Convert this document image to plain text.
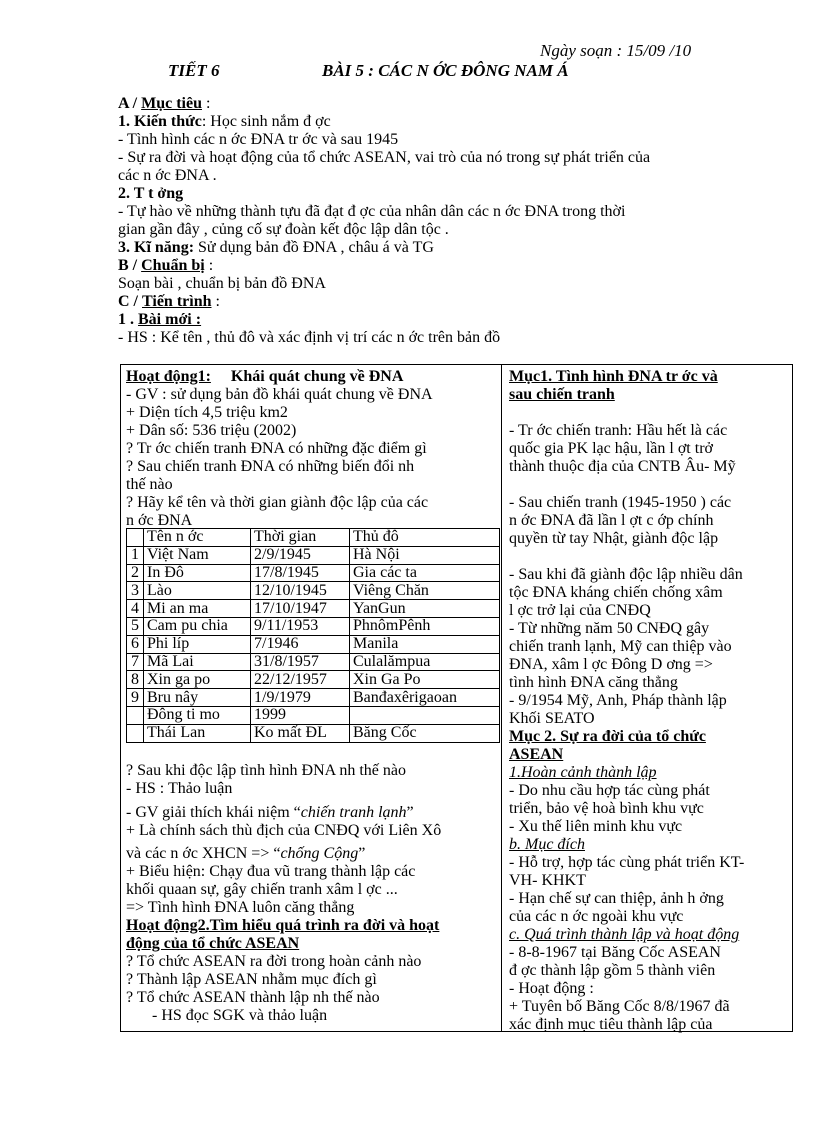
Ngày soạn : 15/09 /10
TIẾT 6	BÀI 5 : CÁC N ỚC ĐÔNG NAM Á
A / Mục tiêu :
1. Kiến thức: Học sinh nắm đ ợc
- Tình hình các n ớc ĐNA tr ớc và sau 1945
- Sự ra đời và hoạt động của tổ chức ASEAN, vai trò của nó trong sự phát triển của
các n ớc ĐNA .
2. T t ởng
- Tự hào về những thành tựu đã đạt đ ợc của nhân dân các n ớc ĐNA trong thời
gian gần đây , củng cố sự đoàn kết độc lập dân tộc .
3. Kĩ năng: Sử dụng bản đồ ĐNA , châu á và TG
B / Chuẩn bị :
Soạn bài , chuẩn bị bản đồ ĐNA
C / Tiến trình :
1 . Bài mới :
- HS : Kể tên , thủ đô và xác định vị trí các n ớc trên bản đồ
Hoạt động1: Khái quát chung về ĐNA
- GV : sử dụng bản đồ khái quát chung về ĐNA
+ Diện tích 4,5 triệu km2
+ Dân số: 536 triệu (2002)
? Tr ớc chiến tranh ĐNA có những đặc điểm gì
? Sau chiến tranh ĐNA có những biến đổi nh
thế nào
? Hãy kể tên và thời gian giành độc lập của các
n ớc ĐNA
	Tên n ớc	Thời gian	Thủ đô
1	Việt Nam	2/9/1945	Hà Nội
2	In Đô	17/8/1945	Gia các ta
3	Lào	12/10/1945	Viêng Chăn
4	Mi an ma	17/10/1947	YanGun
5	Cam pu chia	9/11/1953	PhnômPênh
6	Phi líp	7/1946	Manila
7	Mã Lai	31/8/1957	Culalămpua
8	Xin ga po	22/12/1957	Xin Ga Po
9	Bru nây	1/9/1979	Banđaxêrigaoan
	Đông ti mo	1999	
	Thái Lan	Ko mất ĐL	Băng Cốc
? Sau khi độc lập tình hình ĐNA nh thế nào
- HS : Thảo luận
- GV giải thích khái niệm “chiến tranh lạnh”
+ Là chính sách thù địch của CNĐQ với Liên Xô
và các n ớc XHCN => “chống Cộng”
+ Biểu hiện: Chạy đua vũ trang thành lập các
khối quaan sự, gây chiến tranh xâm l ợc ...
=> Tình hình ĐNA luôn căng thẳng
Hoạt động2.Tìm hiểu quá trình ra đời và hoạt
động của tổ chức ASEAN
? Tổ chức ASEAN ra đời trong hoàn cảnh nào
? Thành lập ASEAN nhằm mục đích gì
? Tổ chức ASEAN thành lập nh thế nào
- HS đọc SGK và thảo luận
Mục1. Tình hình ĐNA tr ớc và
sau chiến tranh
- Tr ớc chiến tranh: Hầu hết là các
quốc gia PK lạc hậu, lần l ợt trở
thành thuộc địa của CNTB Âu- Mỹ
- Sau chiến tranh (1945-1950 ) các
n ớc ĐNA đã lần l ợt c ớp chính
quyền từ tay Nhật, giành độc lập
- Sau khi đã giành độc lập nhiều dân
tộc ĐNA kháng chiến chống xâm
l ợc trở lại của CNĐQ
- Từ những năm 50 CNĐQ gây
chiến tranh lạnh, Mỹ can thiệp vào
ĐNA, xâm l ợc Đông D ơng =>
tình hình ĐNA căng thẳng
- 9/1954 Mỹ, Anh, Pháp thành lập
Khối SEATO
Mục 2. Sự ra đời của tổ chức
ASEAN
1.Hoàn cảnh thành lập
- Do nhu cầu hợp tác cùng phát
triển, bảo vệ hoà bình khu vực
- Xu thế liên minh khu vực
b. Mục đích
- Hỗ trợ, hợp tác cùng phát triển KT-
VH- KHKT
- Hạn chế sự can thiệp, ảnh h ởng
của các n ớc ngoài khu vực
c. Quá trình thành lập và hoạt động
- 8-8-1967 tại Băng Cốc ASEAN
đ ợc thành lập gồm 5 thành viên
- Hoạt động :
+ Tuyên bố Băng Cốc 8/8/1967 đã
xác định mục tiêu thành lập của
